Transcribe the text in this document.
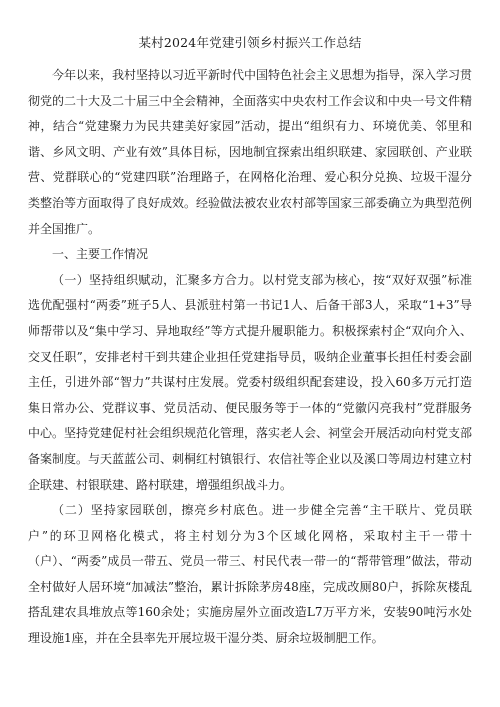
某村2024年党建引领乡村振兴工作总结

今年以来，我村坚持以习近平新时代中国特色社会主义思想为指导，深入学习贯彻党的二十大及二十届三中全会精神，全面落实中央农村工作会议和中央一号文件精神，结合“党建聚力为民共建美好家园”活动，提出“组织有力、环境优美、邻里和谐、乡风文明、产业有效”具体目标，因地制宜探索出组织联建、家园联创、产业联营、党群联心的“党建四联”治理路子，在网格化治理、爱心积分兑换、垃圾干湿分类整治等方面取得了良好成效。经验做法被农业农村部等国家三部委确立为典型范例并全国推广。

一、主要工作情况

（一）坚持组织赋动，汇聚多方合力。以村党支部为核心，按“双好双强”标准选优配强村“两委”班子5人、县派驻村第一书记1人、后备干部3人，采取“1+3”导师帮带以及“集中学习、异地取经”等方式提升履职能力。积极探索村企“双向介入、交叉任职”，安排老村干到共建企业担任党建指导员，吸纳企业董事长担任村委会副主任，引进外部“智力”共谋村庄发展。党委村级组织配套建设，投入60多万元打造集日常办公、党群议事、党员活动、便民服务等于一体的“党徽闪亮我村”党群服务中心。坚持党建促村社会组织规范化管理，落实老人会、祠堂会开展活动向村党支部备案制度。与天蓝蓝公司、刺桐红村镇银行、农信社等企业以及溪口等周边村建立村企联建、村银联建、路村联建，增强组织战斗力。

（二）坚持家园联创，擦亮乡村底色。进一步健全完善“主干联片、党员联户”的环卫网格化模式，将主村划分为3个区域化网格，采取村主干一带十（户）、“两委”成员一带五、党员一带三、村民代表一带一的“帮带管理”做法，带动全村做好人居环境“加减法”整治，累计拆除茅房48座，完成改厕80户，拆除灰楼乱搭乱建农具堆放点等160余处；实施房屋外立面改造L7万平方米，安装90吨污水处理设施1座，并在全县率先开展垃圾干湿分类、厨余垃圾制肥工作。
